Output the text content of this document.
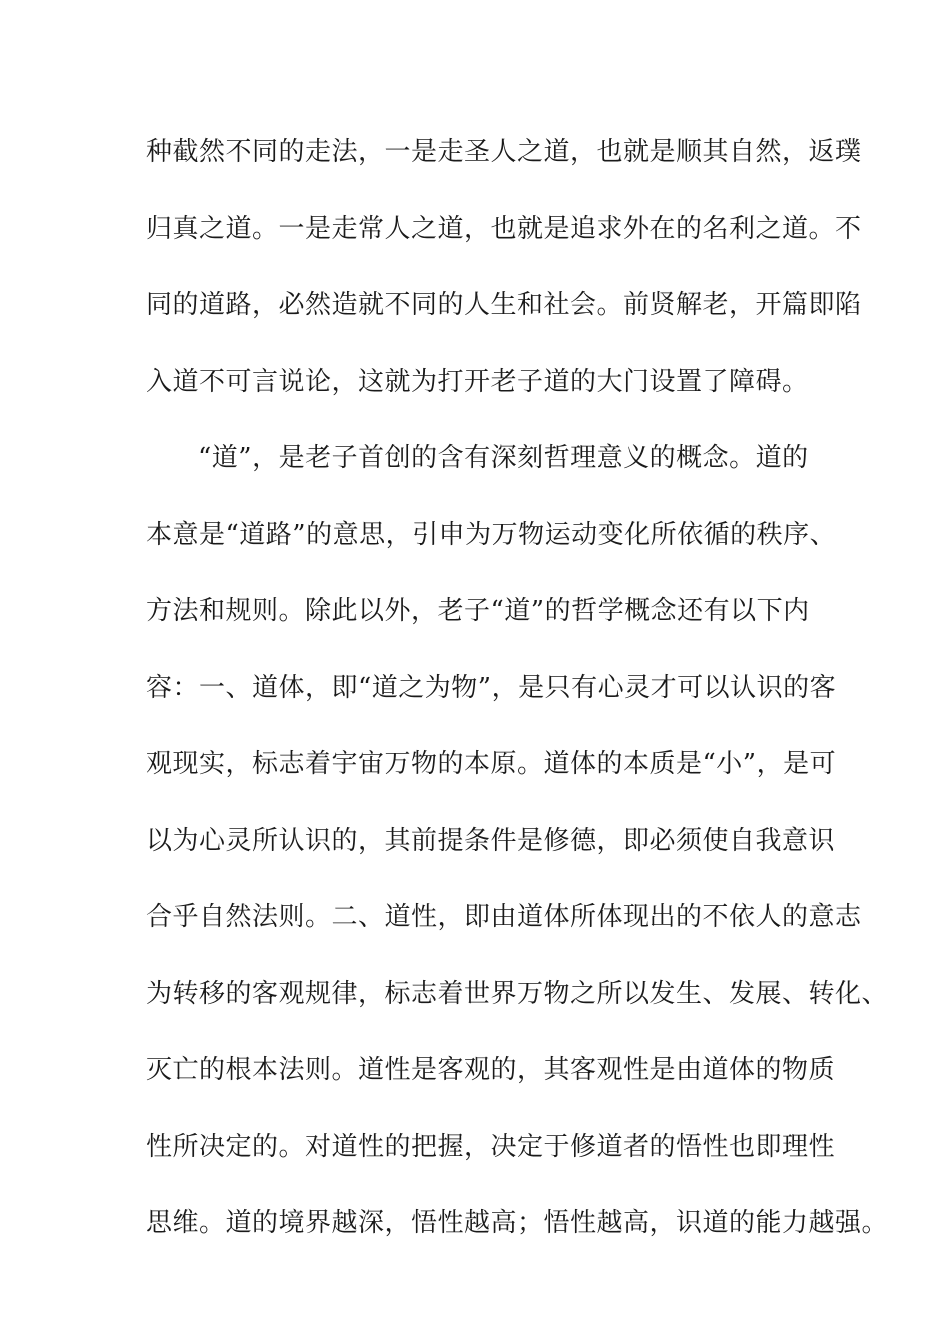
种截然不同的走法，一是走圣人之道，也就是顺其自然，返璞
归真之道。一是走常人之道，也就是追求外在的名利之道。不
同的道路，必然造就不同的人生和社会。前贤解老，开篇即陷
入道不可言说论，这就为打开老子道的大门设置了障碍。
“道”，是老子首创的含有深刻哲理意义的概念。道的
本意是“道路”的意思，引申为万物运动变化所依循的秩序、
方法和规则。除此以外，老子“道”的哲学概念还有以下内
容：一、道体，即“道之为物”，是只有心灵才可以认识的客
观现实，标志着宇宙万物的本原。道体的本质是“小”，是可
以为心灵所认识的，其前提条件是修德，即必须使自我意识
合乎自然法则。二、道性，即由道体所体现出的不依人的意志
为转移的客观规律，标志着世界万物之所以发生、发展、转化、
灭亡的根本法则。道性是客观的，其客观性是由道体的物质
性所决定的。对道性的把握，决定于修道者的悟性也即理性
思维。道的境界越深，悟性越高；悟性越高，识道的能力越强。
